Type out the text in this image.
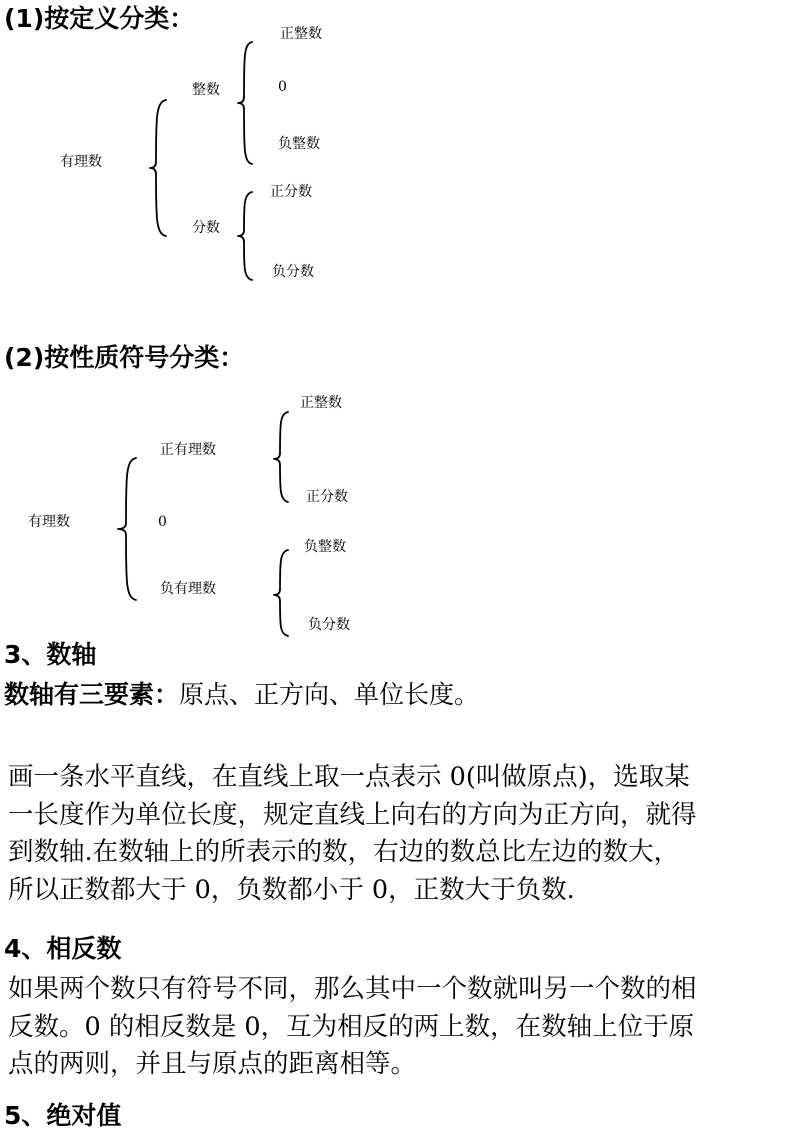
(1)按定义分类：
有理数
整数
分数
正整数
0
负整数
正分数
负分数
(2)按性质符号分类：
有理数
正有理数
0
负有理数
正整数
正分数
负整数
负分数
3、数轴
数轴有三要素：原点、正方向、单位长度。
画一条水平直线，在直线上取一点表示 0(叫做原点)，选取某
一长度作为单位长度，规定直线上向右的方向为正方向，就得
到数轴.在数轴上的所表示的数，右边的数总比左边的数大，
所以正数都大于 0，负数都小于 0，正数大于负数.
4、相反数
如果两个数只有符号不同，那么其中一个数就叫另一个数的相
反数。0 的相反数是 0，互为相反的两上数，在数轴上位于原
点的两则，并且与原点的距离相等。
5、绝对值
